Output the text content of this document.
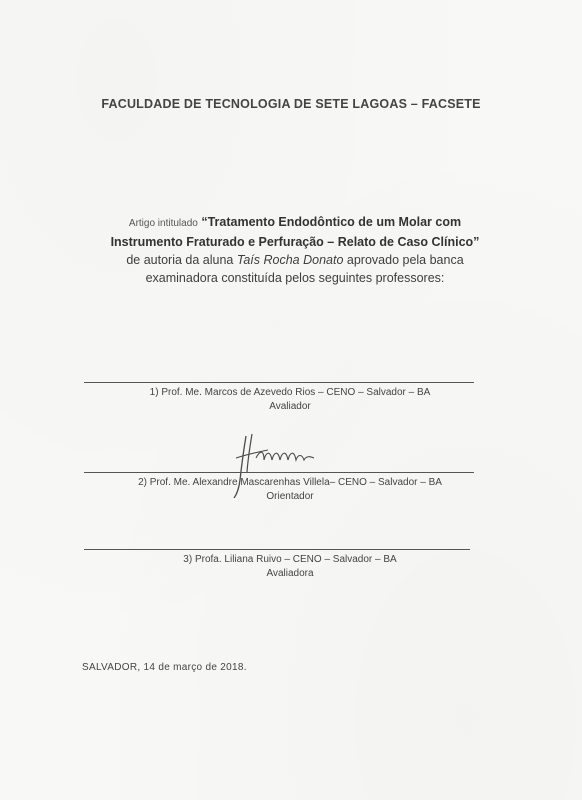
FACULDADE DE TECNOLOGIA DE SETE LAGOAS – FACSETE
Artigo intitulado “Tratamento Endodôntico de um Molar com
Instrumento Fraturado e Perfuração – Relato de Caso Clínico”
de autoria da aluna Taís Rocha Donato aprovado pela banca
examinadora constituída pelos seguintes professores:
1) Prof. Me. Marcos de Azevedo Rios – CENO – Salvador – BA
Avaliador
2) Prof. Me. Alexandre Mascarenhas Villela– CENO – Salvador – BA
Orientador
3) Profa. Liliana Ruivo – CENO – Salvador – BA
Avaliadora
SALVADOR, 14 de março de 2018.
